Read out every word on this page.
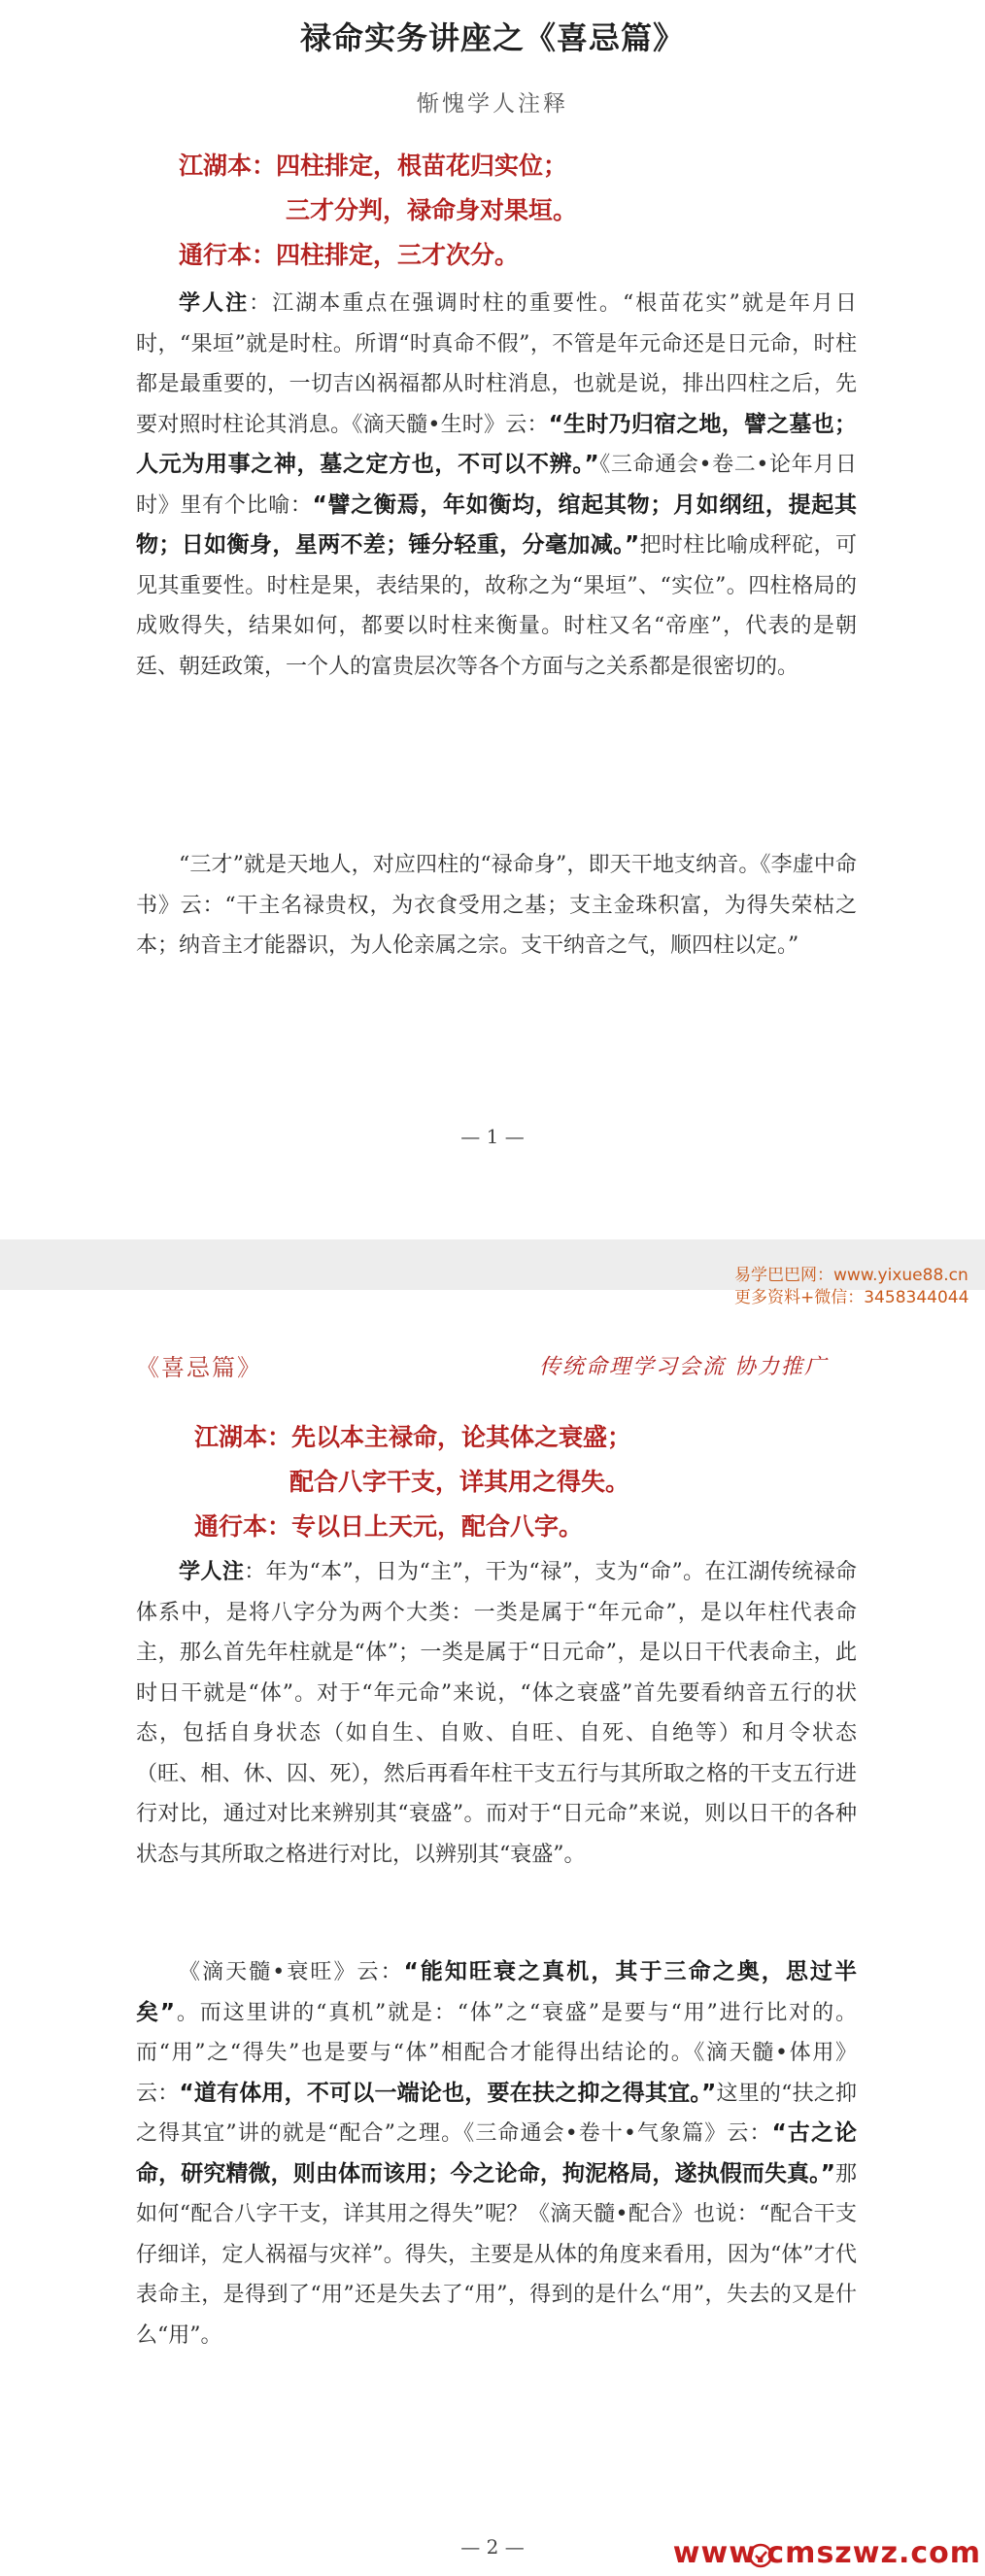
禄命实务讲座之《喜忌篇》
惭愧学人注释
江湖本：四柱排定，根苗花归实位；
三才分判，禄命身对果垣。
通行本：四柱排定，三才次分。

学人注：江湖本重点在强调时柱的重要性。“根苗花实”就是年月日时，“果垣”就是时柱。所谓“时真命不假”，不管是年元命还是日元命，时柱都是最重要的，一切吉凶祸福都从时柱消息，也就是说，排出四柱之后，先要对照时柱论其消息。《滴天髓•生时》云：“生时乃归宿之地，譬之墓也；人元为用事之神，墓之定方也，不可以不辨。”《三命通会•卷二•论年月日时》里有个比喻：“譬之衡焉，年如衡均，绾起其物；月如纲纽，提起其物；日如衡身，星两不差；锤分轻重，分毫加减。”把时柱比喻成秤砣，可见其重要性。时柱是果，表结果的，故称之为“果垣”、“实位”。四柱格局的成败得失，结果如何，都要以时柱来衡量。时柱又名“帝座”，代表的是朝廷、朝廷政策，一个人的富贵层次等各个方面与之关系都是很密切的。

“三才”就是天地人，对应四柱的“禄命身”，即天干地支纳音。《李虚中命书》云：“干主名禄贵权，为衣食受用之基；支主金珠积富，为得失荣枯之本；纳音主才能器识，为人伦亲属之宗。支干纳音之气，顺四柱以定。”

— 1 —
易学巴巴网：www.yixue88.cn
更多资料+微信：3458344044
《喜忌篇》	传统命理学习会流 协力推广
江湖本：先以本主禄命，论其体之衰盛；
配合八字干支，详其用之得失。
通行本：专以日上天元，配合八字。

学人注：年为“本”，日为“主”，干为“禄”，支为“命”。在江湖传统禄命体系中，是将八字分为两个大类：一类是属于“年元命”，是以年柱代表命主，那么首先年柱就是“体”；一类是属于“日元命”，是以日干代表命主，此时日干就是“体”。对于“年元命”来说，“体之衰盛”首先要看纳音五行的状态，包括自身状态（如自生、自败、自旺、自死、自绝等）和月令状态（旺、相、休、囚、死），然后再看年柱干支五行与其所取之格的干支五行进行对比，通过对比来辨别其“衰盛”。而对于“日元命”来说，则以日干的各种状态与其所取之格进行对比，以辨别其“衰盛”。

《滴天髓•衰旺》云：“能知旺衰之真机，其于三命之奥，思过半矣”。而这里讲的“真机”就是：“体”之“衰盛”是要与“用”进行比对的。而“用”之“得失”也是要与“体”相配合才能得出结论的。《滴天髓•体用》云：“道有体用，不可以一端论也，要在扶之抑之得其宜。”这里的“扶之抑之得其宜”讲的就是“配合”之理。《三命通会•卷十•气象篇》云：“古之论命，研究精微，则由体而该用；今之论命，拘泥格局，遂执假而失真。”那如何“配合八字干支，详其用之得失”呢？《滴天髓•配合》也说：“配合干支仔细详，定人祸福与灾祥”。得失，主要是从体的角度来看用，因为“体”才代表命主，是得到了“用”还是失去了“用”，得到的是什么“用”，失去的又是什么“用”。

— 2 —	www.cmszwz.com
